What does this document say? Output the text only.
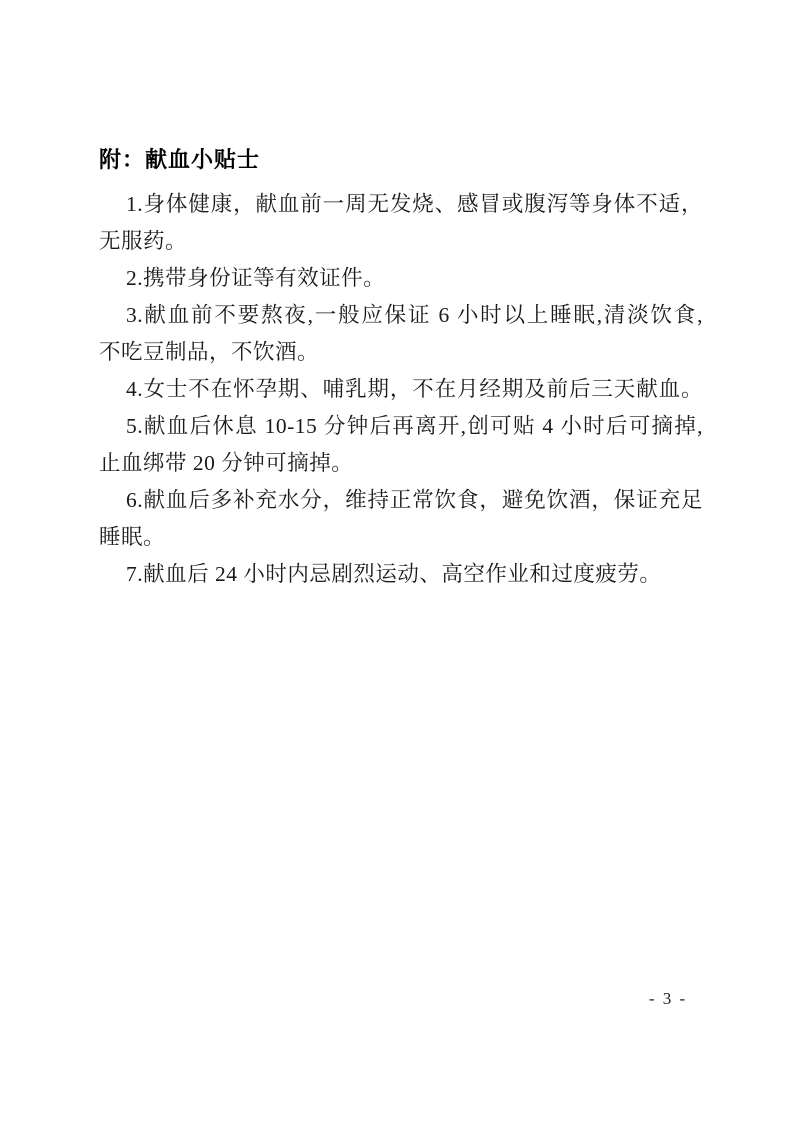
附：献血小贴士
1.身体健康，献血前一周无发烧、感冒或腹泻等身体不适，
无服药。
2.携带身份证等有效证件。
3.献血前不要熬夜,一般应保证 6 小时以上睡眠,清淡饮食,
不吃豆制品，不饮酒。
4.女士不在怀孕期、哺乳期，不在月经期及前后三天献血。
5.献血后休息 10-15 分钟后再离开,创可贴 4 小时后可摘掉,
止血绑带 20 分钟可摘掉。
6.献血后多补充水分，维持正常饮食，避免饮酒，保证充足
睡眠。
7.献血后 24 小时内忌剧烈运动、高空作业和过度疲劳。
- 3 -
